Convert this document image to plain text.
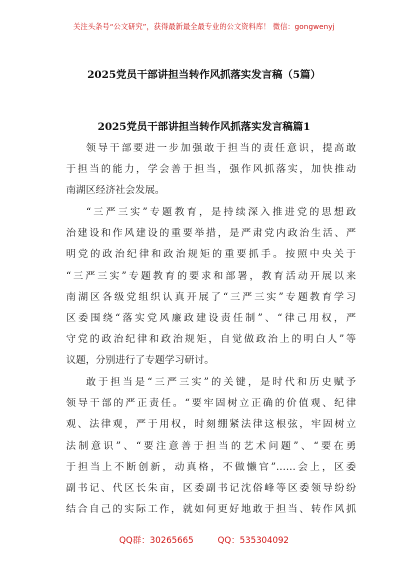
关注头条号“公文研究”，获得最新最全最专业的公文资料库！ 微信：gongwenyj
2025党员干部讲担当转作风抓落实发言稿（5篇）
2025党员干部讲担当转作风抓落实发言稿篇1
领导干部要进一步加强敢于担当的责任意识，提高敢
于担当的能力，学会善于担当，强作风抓落实，加快推动
南湖区经济社会发展。
“三严三实”专题教育，是持续深入推进党的思想政
治建设和作风建设的重要举措，是严肃党内政治生活、严
明党的政治纪律和政治规矩的重要抓手。按照中央关于
“三严三实”专题教育的要求和部署，教育活动开展以来
南湖区各级党组织认真开展了“三严三实”专题教育学习
区委围绕“落实党风廉政建设责任制”、“律己用权，严
守党的政治纪律和政治规矩，自觉做政治上的明白人”等
议题，分别进行了专题学习研讨。
敢于担当是“三严三实”的关键，是时代和历史赋予
领导干部的严正责任。“要牢固树立正确的价值观、纪律
观、法律观，严于用权，时刻绷紧法律这根弦，牢固树立
法制意识”、“要注意善于担当的艺术问题”、“要在勇
于担当上不断创新，动真格，不做懒官”……会上，区委
副书记、代区长朱亩，区委副书记沈俗峰等区委领导纷纷
结合自己的实际工作，就如何更好地敢于担当、转作风抓
QQ群：30265665	QQ：535304092
